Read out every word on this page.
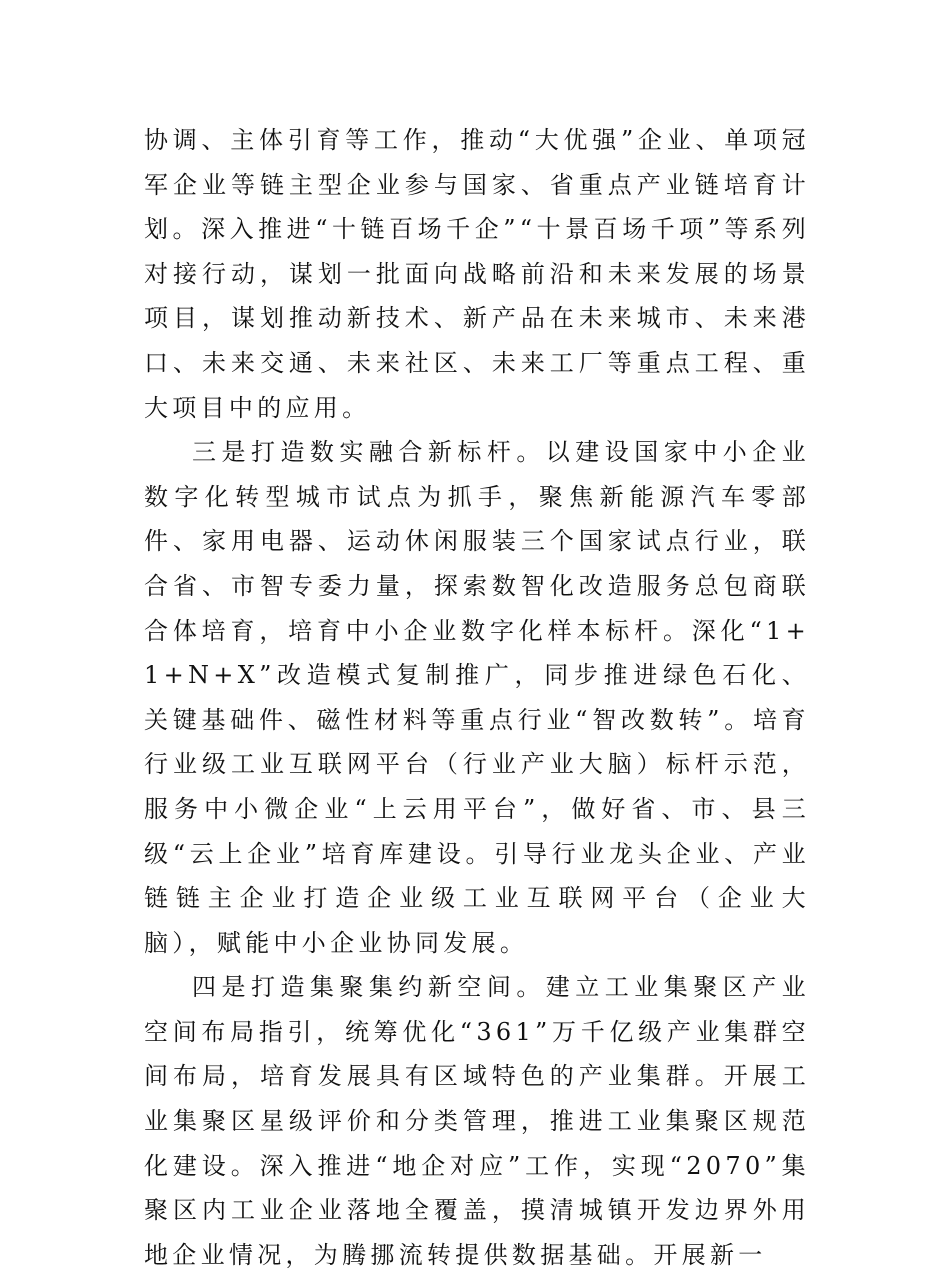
协调、主体引育等工作，推动“大优强”企业、单项冠军企业等链主型企业参与国家、省重点产业链培育计划。深入推进“十链百场千企”“十景百场千项”等系列对接行动，谋划一批面向战略前沿和未来发展的场景项目，谋划推动新技术、新产品在未来城市、未来港口、未来交通、未来社区、未来工厂等重点工程、重大项目中的应用。

三是打造数实融合新标杆。以建设国家中小企业数字化转型城市试点为抓手，聚焦新能源汽车零部件、家用电器、运动休闲服装三个国家试点行业，联合省、市智专委力量，探索数智化改造服务总包商联合体培育，培育中小企业数字化样本标杆。深化“1+1+N+X”改造模式复制推广，同步推进绿色石化、关键基础件、磁性材料等重点行业“智改数转”。培育行业级工业互联网平台（行业产业大脑）标杆示范，服务中小微企业“上云用平台”，做好省、市、县三级“云上企业”培育库建设。引导行业龙头企业、产业链链主企业打造企业级工业互联网平台（企业大脑），赋能中小企业协同发展。

四是打造集聚集约新空间。建立工业集聚区产业空间布局指引，统筹优化“361”万千亿级产业集群空间布局，培育发展具有区域特色的产业集群。开展工业集聚区星级评价和分类管理，推进工业集聚区规范化建设。深入推进“地企对应”工作，实现“2070”集聚区内工业企业落地全覆盖，摸清城镇开发边界外用地企业情况，为腾挪流转提供数据基础。开展新一
